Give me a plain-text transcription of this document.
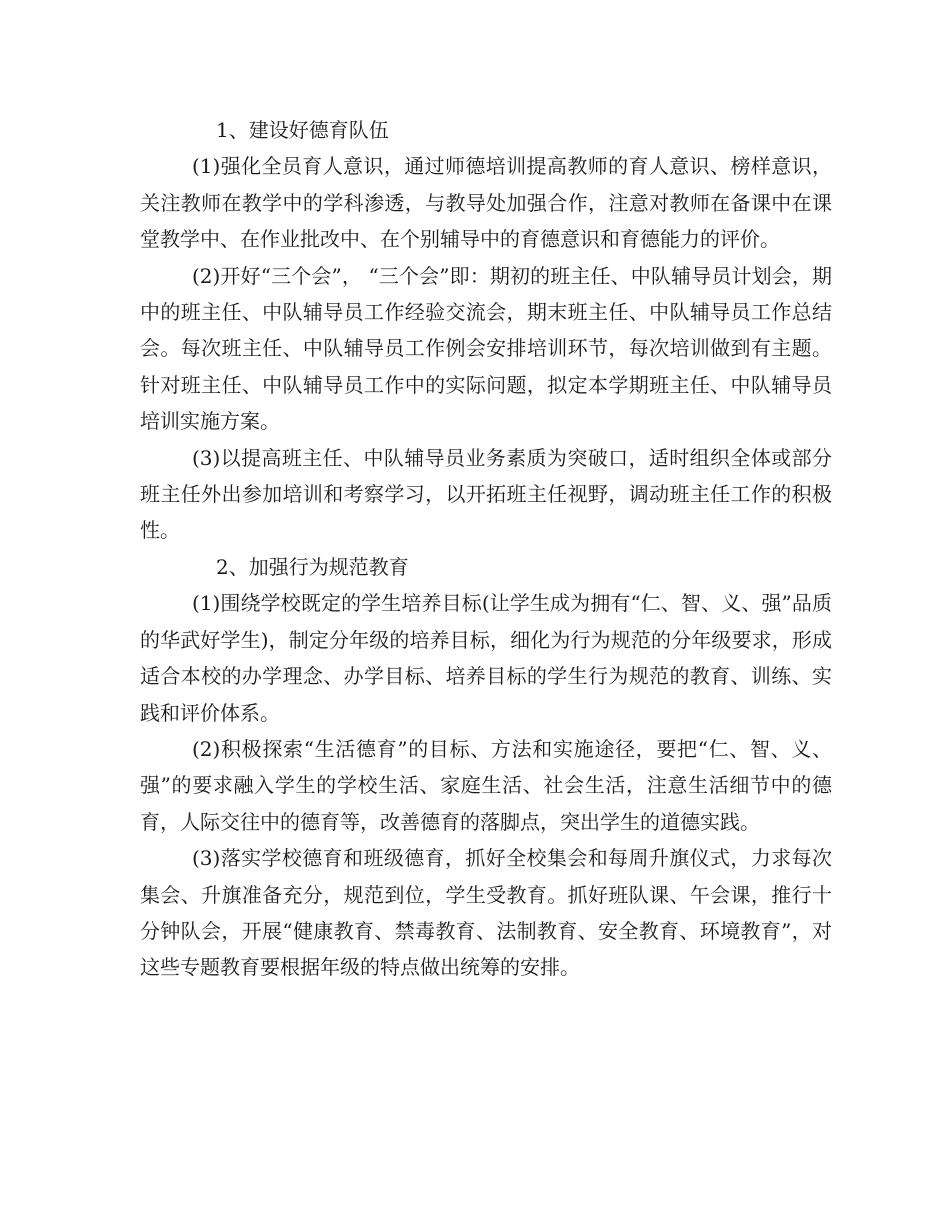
1、建设好德育队伍

(1)强化全员育人意识，通过师德培训提高教师的育人意识、榜样意识，关注教师在教学中的学科渗透，与教导处加强合作，注意对教师在备课中在课堂教学中、在作业批改中、在个别辅导中的育德意识和育德能力的评价。

(2)开好“三个会”， “三个会”即：期初的班主任、中队辅导员计划会，期中的班主任、中队辅导员工作经验交流会，期末班主任、中队辅导员工作总结会。每次班主任、中队辅导员工作例会安排培训环节，每次培训做到有主题。针对班主任、中队辅导员工作中的实际问题，拟定本学期班主任、中队辅导员培训实施方案。

(3)以提高班主任、中队辅导员业务素质为突破口，适时组织全体或部分班主任外出参加培训和考察学习，以开拓班主任视野，调动班主任工作的积极性。

2、加强行为规范教育

(1)围绕学校既定的学生培养目标(让学生成为拥有“仁、智、义、强”品质的华武好学生)，制定分年级的培养目标，细化为行为规范的分年级要求，形成适合本校的办学理念、办学目标、培养目标的学生行为规范的教育、训练、实践和评价体系。

(2)积极探索“生活德育”的目标、方法和实施途径，要把“仁、智、义、强”的要求融入学生的学校生活、家庭生活、社会生活，注意生活细节中的德育，人际交往中的德育等，改善德育的落脚点，突出学生的道德实践。

(3)落实学校德育和班级德育，抓好全校集会和每周升旗仪式，力求每次集会、升旗准备充分，规范到位，学生受教育。抓好班队课、午会课，推行十分钟队会，开展“健康教育、禁毒教育、法制教育、安全教育、环境教育”，对这些专题教育要根据年级的特点做出统筹的安排。
